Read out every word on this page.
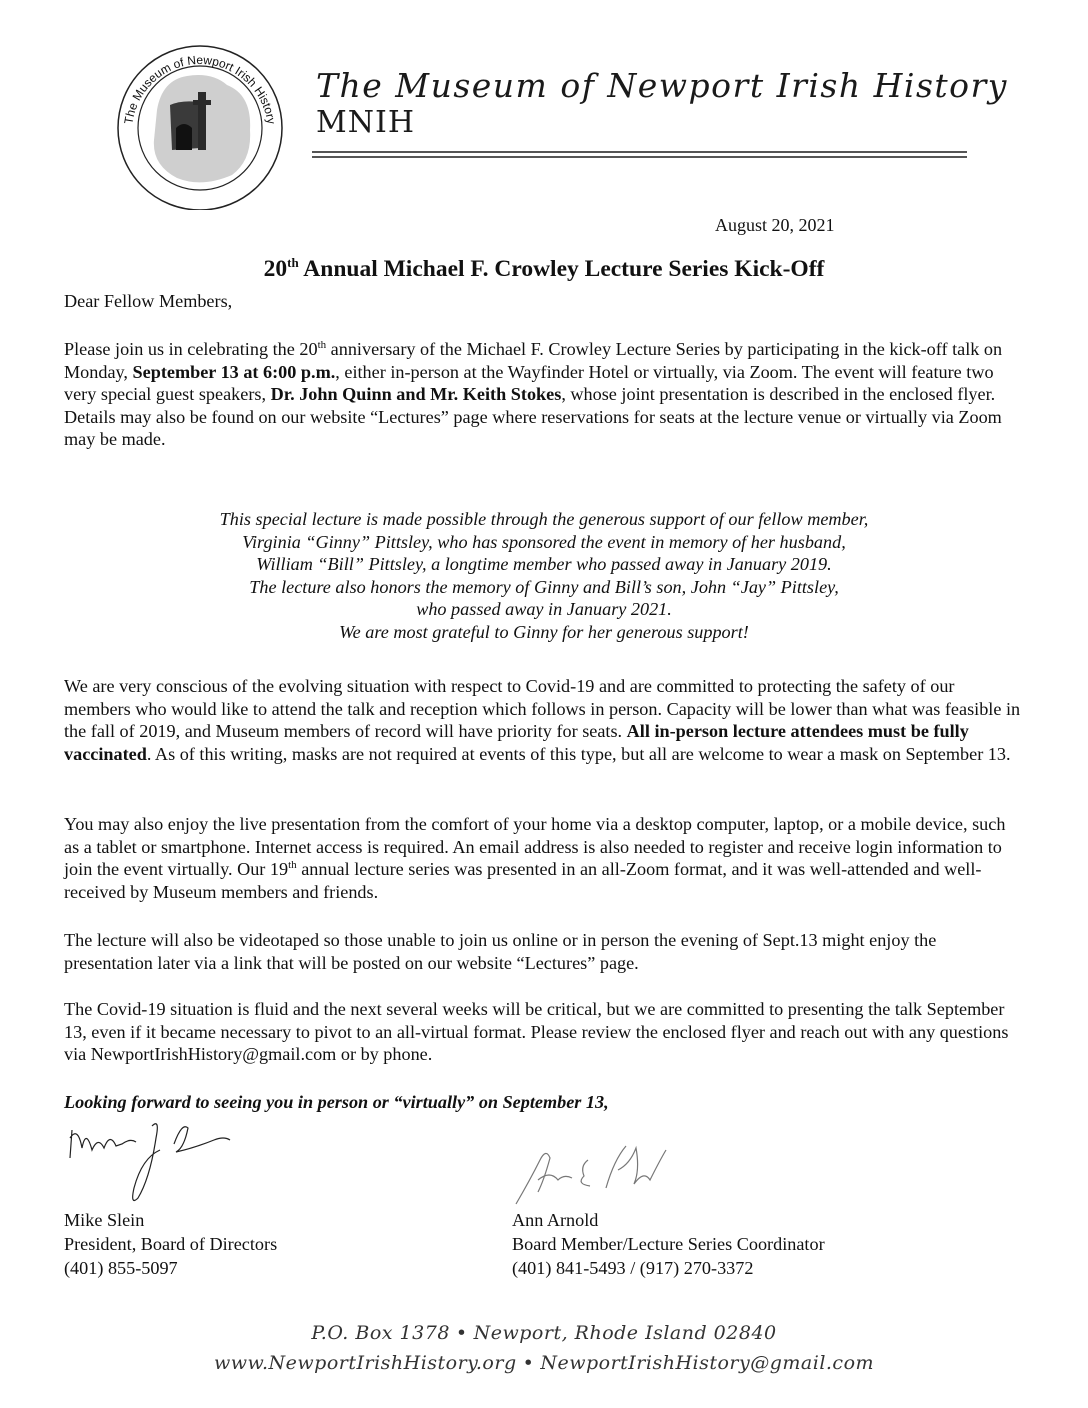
The Museum of Newport Irish History
The Museum of Newport Irish History
MNIH
August 20, 2021
20th Annual Michael F. Crowley Lecture Series Kick-Off
Dear Fellow Members,
Please join us in celebrating the 20th anniversary of the Michael F. Crowley Lecture Series by participating in the kick-off talk on Monday, September 13 at 6:00 p.m., either in-person at the Wayfinder Hotel or virtually, via Zoom. The event will feature two very special guest speakers, Dr. John Quinn and Mr. Keith Stokes, whose joint presentation is described in the enclosed flyer. Details may also be found on our website “Lectures” page where reservations for seats at the lecture venue or virtually via Zoom may be made.
This special lecture is made possible through the generous support of our fellow member,
Virginia “Ginny” Pittsley, who has sponsored the event in memory of her husband,
William “Bill” Pittsley, a longtime member who passed away in January 2019.
The lecture also honors the memory of Ginny and Bill’s son, John “Jay” Pittsley,
who passed away in January 2021.
We are most grateful to Ginny for her generous support!
We are very conscious of the evolving situation with respect to Covid-19 and are committed to protecting the safety of our members who would like to attend the talk and reception which follows in person. Capacity will be lower than what was feasible in the fall of 2019, and Museum members of record will have priority for seats. All in-person lecture attendees must be fully vaccinated. As of this writing, masks are not required at events of this type, but all are welcome to wear a mask on September 13.
You may also enjoy the live presentation from the comfort of your home via a desktop computer, laptop, or a mobile device, such as a tablet or smartphone. Internet access is required. An email address is also needed to register and receive login information to join the event virtually. Our 19th annual lecture series was presented in an all-Zoom format, and it was well-attended and well-received by Museum members and friends.
The lecture will also be videotaped so those unable to join us online or in person the evening of Sept.13 might enjoy the presentation later via a link that will be posted on our website “Lectures” page.
The Covid-19 situation is fluid and the next several weeks will be critical, but we are committed to presenting the talk September 13, even if it became necessary to pivot to an all-virtual format. Please review the enclosed flyer and reach out with any questions via NewportIrishHistory@gmail.com or by phone.
Looking forward to seeing you in person or “virtually” on September 13,
Mike Slein
President, Board of Directors
(401) 855-5097
Ann Arnold
Board Member/Lecture Series Coordinator
(401) 841-5493 / (917) 270-3372
P.O. Box 1378 • Newport, Rhode Island 02840
www.NewportIrishHistory.org • NewportIrishHistory@gmail.com
